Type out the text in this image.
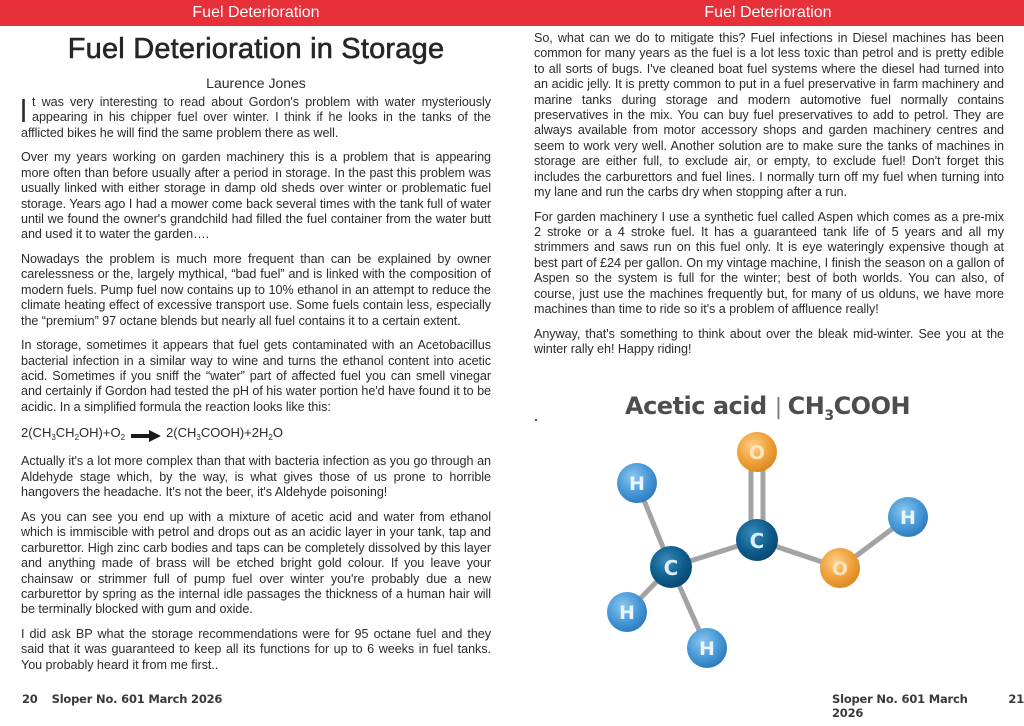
Fuel Deterioration	Fuel Deterioration
Fuel Deterioration in Storage
Laurence Jones

It was very interesting to read about Gordon's problem with water mysteriously appearing in his chipper fuel over winter. I think if he looks in the tanks of the afflicted bikes he will find the same problem there as well.

Over my years working on garden machinery this is a problem that is appearing more often than before usually after a period in storage. In the past this problem was usually linked with either storage in damp old sheds over winter or problematic fuel storage. Years ago I had a mower come back several times with the tank full of water until we found the owner's grandchild had filled the fuel container from the water butt and used it to water the garden….

Nowadays the problem is much more frequent than can be explained by owner carelessness or the, largely mythical, “bad fuel” and is linked with the composition of modern fuels. Pump fuel now contains up to 10% ethanol in an attempt to reduce the climate heating effect of excessive transport use. Some fuels contain less, especially the “premium” 97 octane blends but nearly all fuel contains it to a certain extent.

In storage, sometimes it appears that fuel gets contaminated with an Acetobacillus bacterial infection in a similar way to wine and turns the ethanol content into acetic acid. Sometimes if you sniff the “water” part of affected fuel you can smell vinegar and certainly if Gordon had tested the pH of his water portion he'd have found it to be acidic. In a simplified formula the reaction looks like this:

$2(CH_3CH_2OH)+O_2$	$2(CH_3COOH)+2H_2O$

Actually it's a lot more complex than that with bacteria infection as you go through an Aldehyde stage which, by the way, is what gives those of us prone to horrible hangovers the headache. It's not the beer, it's Aldehyde poisoning!

As you can see you end up with a mixture of acetic acid and water from ethanol which is immiscible with petrol and drops out as an acidic layer in your tank, tap and carburettor. High zinc carb bodies and taps can be completely dissolved by this layer and anything made of brass will be etched bright gold colour. If you leave your chainsaw or strimmer full of pump fuel over winter you're probably due a new carburettor by spring as the internal idle passages the thickness of a human hair will be terminally blocked with gum and oxide.

I did ask BP what the storage recommendations were for 95 octane fuel and they said that it was guaranteed to keep all its functions for up to 6 weeks in fuel tanks. You probably heard it from me first..

So, what can we do to mitigate this? Fuel infections in Diesel machines has been common for many years as the fuel is a lot less toxic than petrol and is pretty edible to all sorts of bugs. I've cleaned boat fuel systems where the diesel had turned into an acidic jelly. It is pretty common to put in a fuel preservative in farm machinery and marine tanks during storage and modern automotive fuel normally contains preservatives in the mix. You can buy fuel preservatives to add to petrol. They are always available from motor accessory shops and garden machinery centres and seem to work very well. Another solution are to make sure the tanks of machines in storage are either full, to exclude air, or empty, to exclude fuel! Don't forget this includes the carburettors and fuel lines. I normally turn off my fuel when turning into my lane and run the carbs dry when stopping after a run.

For garden machinery I use a synthetic fuel called Aspen which comes as a pre-mix 2 stroke or a 4 stroke fuel. It has a guaranteed tank life of 5 years and all my strimmers and saws run on this fuel only. It is eye wateringly expensive though at best part of £24 per gallon. On my vintage machine, I finish the season on a gallon of Aspen so the system is full for the winter; best of both worlds. You can also, of course, just use the machines frequently but, for many of us olduns, we have more machines than time to ride so it's a problem of affluence really!

Anyway, that's something to think about over the bleak mid-winter. See you at the winter rally eh! Happy riding!

Acetic acid | $CH_3COOH$
H
H
H
H
C
C
O
O
20 Sloper No. 601 March 2026	Sloper No. 601 March 2026
21
